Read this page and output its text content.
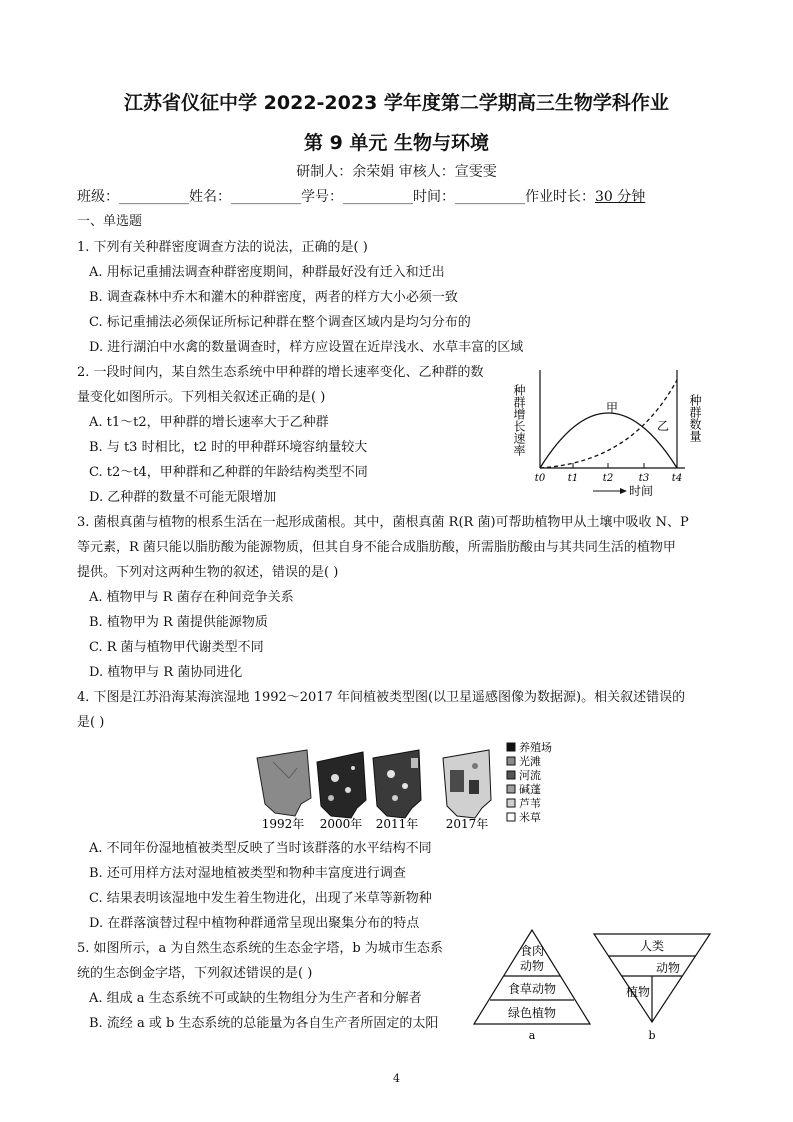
江苏省仪征中学 2022-2023 学年度第二学期高三生物学科作业
第 9 单元 生物与环境
研制人：余荣娟 审核人：宣雯雯
班级：__________姓名：__________学号：__________时间：__________作业时长：30 分钟
一、单选题
1. 下列有关种群密度调查方法的说法，正确的是( )
A. 用标记重捕法调查种群密度期间，种群最好没有迁入和迁出
B. 调查森林中乔木和灌木的种群密度，两者的样方大小必须一致
C. 标记重捕法必须保证所标记种群在整个调查区域内是均匀分布的
D. 进行湖泊中水禽的数量调查时，样方应设置在近岸浅水、水草丰富的区域
2. 一段时间内，某自然生态系统中甲种群的增长速率变化、乙种群的数
量变化如图所示。下列相关叙述正确的是( )
A. t1～t2，甲种群的增长速率大于乙种群
B. 与 t3 时相比，t2 时的甲种群环境容纳量较大
C. t2～t4，甲种群和乙种群的年龄结构类型不同
D. 乙种群的数量不可能无限增加
种群增长速率	种群数量
甲
乙
t0 t1 t2	t3 t4
时间
3. 菌根真菌与植物的根系生活在一起形成菌根。其中，菌根真菌 R(R 菌)可帮助植物甲从土壤中吸收 N、P
等元素，R 菌只能以脂肪酸为能源物质，但其自身不能合成脂肪酸，所需脂肪酸由与其共同生活的植物甲
提供。下列对这两种生物的叙述，错误的是( )
A. 植物甲与 R 菌存在种间竞争关系
B. 植物甲为 R 菌提供能源物质
C. R 菌与植物甲代谢类型不同
D. 植物甲与 R 菌协同进化
4. 下图是江苏沿海某海滨湿地 1992～2017 年间植被类型图(以卫星遥感图像为数据源)。相关叙述错误的
是( )
1992年 2000年 2011年 2017年
养殖场
光滩
河流
碱蓬
芦苇
米草
A. 不同年份湿地植被类型反映了当时该群落的水平结构不同
B. 还可用样方法对湿地植被类型和物种丰富度进行调查
C. 结果表明该湿地中发生着生物进化，出现了米草等新物种
D. 在群落演替过程中植物种群通常呈现出聚集分布的特点
5. 如图所示，a 为自然生态系统的生态金字塔，b 为城市生态系
统的生态倒金字塔，下列叙述错误的是( )
A. 组成 a 生态系统不可或缺的生物组分为生产者和分解者
B. 流经 a 或 b 生态系统的总能量为各自生产者所固定的太阳
食肉
动物
食草动物
绿色植物
a
人类
动物
植物
b
4
